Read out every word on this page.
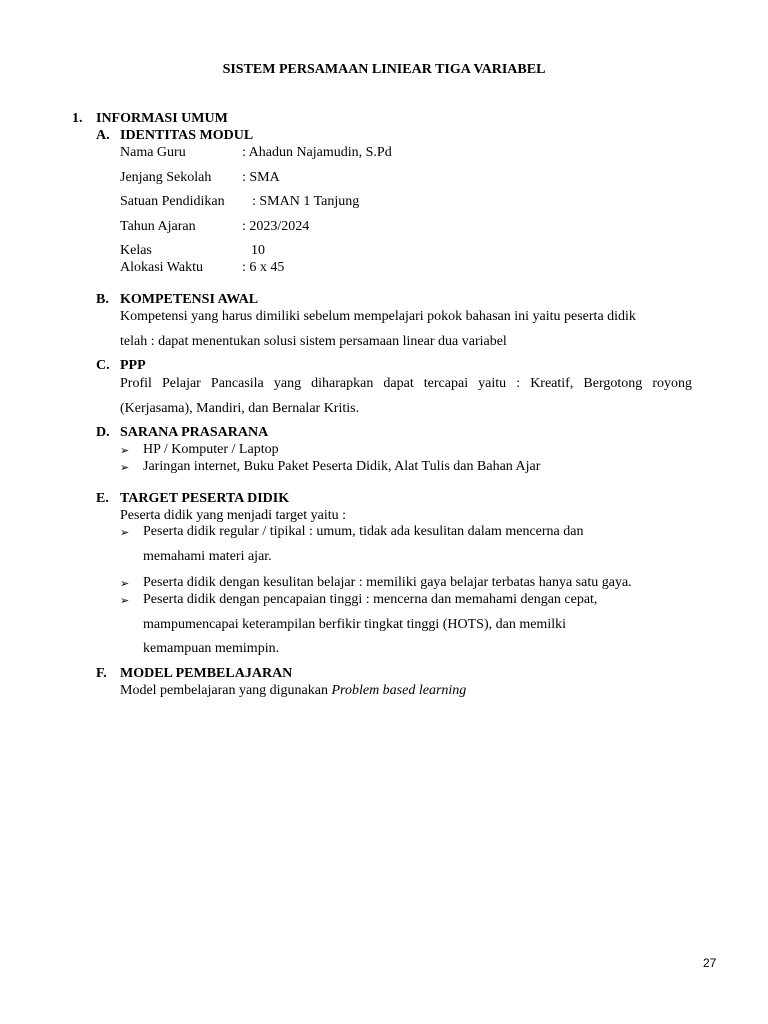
SISTEM PERSAMAAN LINIEAR TIGA VARIABEL
1. INFORMASI UMUM
A. IDENTITAS MODUL
Nama Guru	: Ahadun Najamudin, S.Pd
Jenjang Sekolah : SMA
Satuan Pendidikan : SMAN 1 Tanjung
Tahun Ajaran	: 2023/2024
Kelas	10
Alokasi Waktu	: 6 x 45
B. KOMPETENSI AWAL
Kompetensi yang harus dimiliki sebelum mempelajari pokok bahasan ini yaitu peserta didik
telah : dapat menentukan solusi sistem persamaan linear dua variabel
C. PPP
Profil Pelajar Pancasila yang diharapkan dapat tercapai yaitu : Kreatif, Bergotong royong
(Kerjasama), Mandiri, dan Bernalar Kritis.
D. SARANA PRASARANA
➢ HP / Komputer / Laptop
➢ Jaringan internet, Buku Paket Peserta Didik, Alat Tulis dan Bahan Ajar
E. TARGET PESERTA DIDIK
Peserta didik yang menjadi target yaitu :
➢ Peserta didik regular / tipikal : umum, tidak ada kesulitan dalam mencerna dan
memahami materi ajar.
➢ Peserta didik dengan kesulitan belajar : memiliki gaya belajar terbatas hanya satu gaya.
➢ Peserta didik dengan pencapaian tinggi : mencerna dan memahami dengan cepat,
mampumencapai keterampilan berfikir tingkat tinggi (HOTS), dan memilki
kemampuan memimpin.
F. MODEL PEMBELAJARAN
Model pembelajaran yang digunakan Problem based learning
27
